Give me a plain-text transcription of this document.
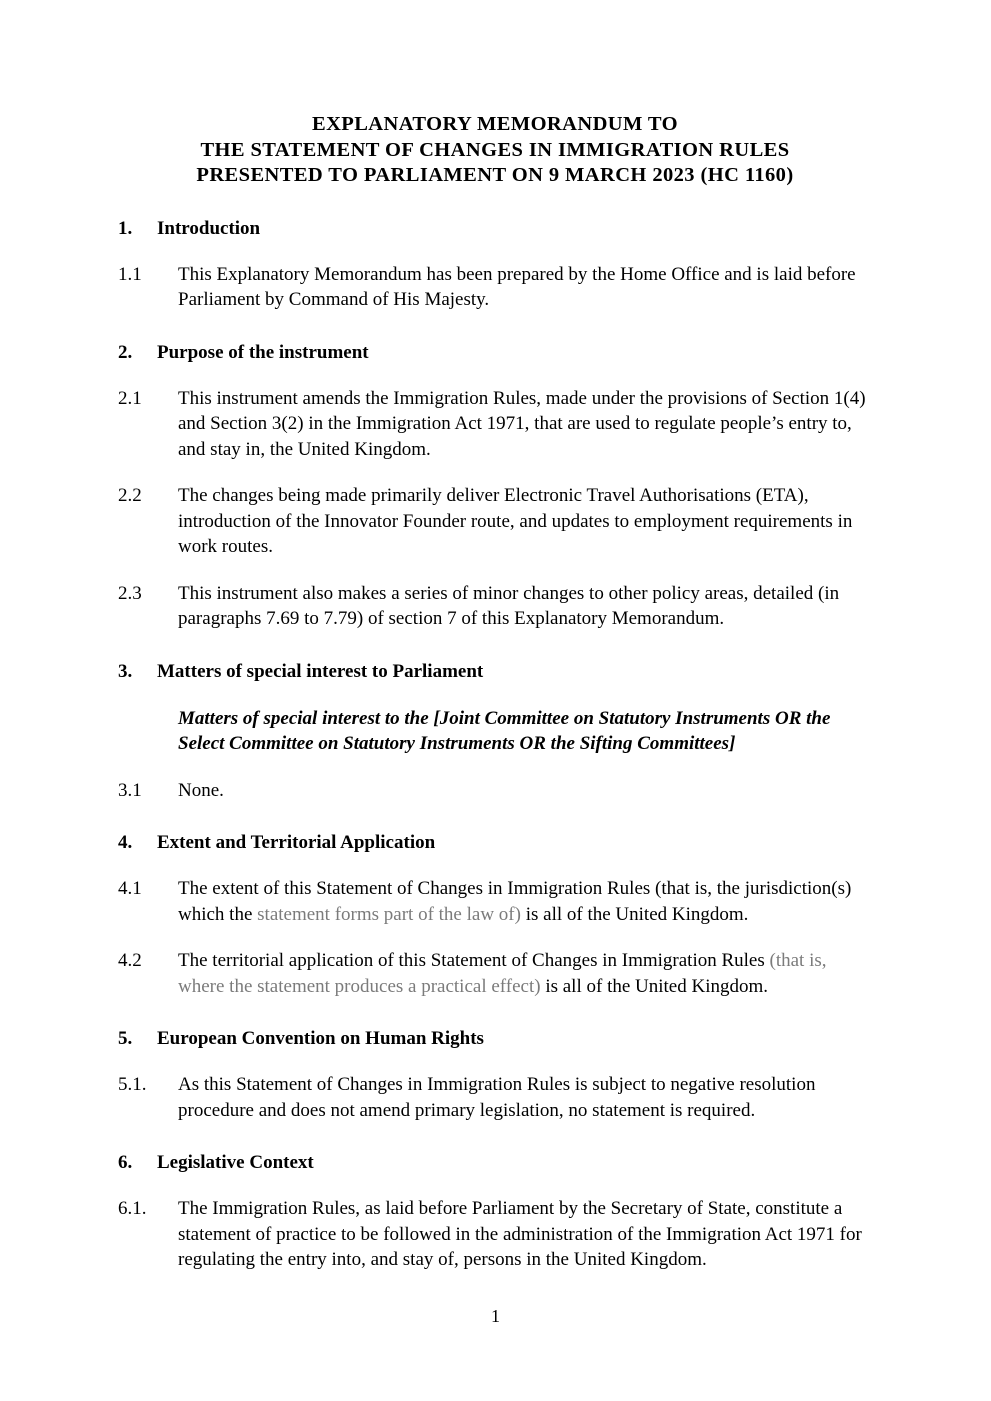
EXPLANATORY MEMORANDUM TO
THE STATEMENT OF CHANGES IN IMMIGRATION RULES
PRESENTED TO PARLIAMENT ON 9 MARCH 2023 (HC 1160)
1.	Introduction
1.1	This Explanatory Memorandum has been prepared by the Home Office and is laid before Parliament by Command of His Majesty.
2.	Purpose of the instrument
2.1	This instrument amends the Immigration Rules, made under the provisions of Section 1(4) and Section 3(2) in the Immigration Act 1971, that are used to regulate people’s entry to, and stay in, the United Kingdom.
2.2	The changes being made primarily deliver Electronic Travel Authorisations (ETA), introduction of the Innovator Founder route, and updates to employment requirements in work routes.
2.3	This instrument also makes a series of minor changes to other policy areas, detailed (in paragraphs 7.69 to 7.79) of section 7 of this Explanatory Memorandum.
3.	Matters of special interest to Parliament
Matters of special interest to the [Joint Committee on Statutory Instruments OR the Select Committee on Statutory Instruments OR the Sifting Committees]
3.1	None.
4.	Extent and Territorial Application
4.1	The extent of this Statement of Changes in Immigration Rules (that is, the jurisdiction(s) which the statement forms part of the law of) is all of the United Kingdom.
4.2	The territorial application of this Statement of Changes in Immigration Rules (that is, where the statement produces a practical effect) is all of the United Kingdom.
5.	European Convention on Human Rights
5.1.	As this Statement of Changes in Immigration Rules is subject to negative resolution procedure and does not amend primary legislation, no statement is required.
6.	Legislative Context
6.1.	The Immigration Rules, as laid before Parliament by the Secretary of State, constitute a statement of practice to be followed in the administration of the Immigration Act 1971 for regulating the entry into, and stay of, persons in the United Kingdom.
1
